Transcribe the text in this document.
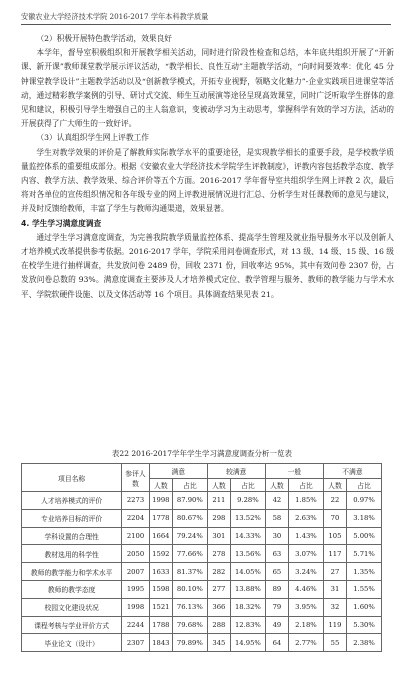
安徽农业大学经济技术学院 2016-2017 学年本科教学质量

（2）积极开展特色教学活动，效果良好

本学年，督导室积极组织和开展教学相关活动，同时进行阶段性检查和总结，本年底共组织开展了“开新课、新开课”教师课堂教学展示评议活动，“教学相长、良性互动”主题教学活动，“向时间要效率：优化 45 分钟课堂教学设计”主题教学活动以及“创新教学模式，开拓专业视野，领略文化魅力”-企业实践项目进课堂等活动，通过精彩教学案例的引导、研讨式交流、师生互动展演等途径呈现高效课堂，同时广泛听取学生群体的意见和建议，积极引导学生增强自己的主人翁意识，变被动学习为主动思考，掌握科学有效的学习方法，活动的开展获得了广大师生的一致好评。

（3）认真组织学生网上评教工作

学生对教学效果的评价是了解教师实际教学水平的重要途径，是实现教学相长的重要手段，是学校教学质量监控体系的重要组成部分。根据《安徽农业大学经济技术学院学生评教制度》，评教内容包括教学态度、教学内容、教学方法、教学效果、综合评价等五个方面。2016-2017 学年督导室共组织学生网上评教 2 次，最后将对各单位的宣传组织情况和各年级专业的网上评教进展情况进行汇总、分析学生对任课教师的意见与建议，并及时反馈给教师，丰富了学生与教师沟通渠道，效果显著。

4. 学生学习满意度调查

通过学生学习满意度调查，为完善我院教学质量监控体系、提高学生管理及就业指导服务水平以及创新人才培养模式改革提供参考依据。2016-2017 学年，学院采用问卷调查形式，对 13 级、14 级、15 级、16 级在校学生进行抽样调查，共发放问卷 2489 份，回收 2371 份，回收率达 95%，其中有效问卷 2307 份，占发放问卷总数的 93%。满意度调查主要涉及人才培养模式定位、教学管理与服务、教师的教学能力与学术水平、学院软硬件设施、以及文体活动等 16 个项目。具体调查结果见表 21。

表22 2016-2017学年学生学习满意度调查分析一览表
项目名称	参评人数	满意		较满意		一般		不满意	
		人数	占比	人数	占比	人数	占比	人数	占比
人才培养模式的评价	2273	1998	87.90%	211	9.28%	42	1.85%	22	0.97%
专业培养目标的评价	2204	1778	80.67%	298	13.52%	58	2.63%	70	3.18%
学科设置的合理性	2100	1664	79.24%	301	14.33%	30	1.43%	105	5.00%
教材选用的科学性	2050	1592	77.66%	278	13.56%	63	3.07%	117	5.71%
教师的教学能力和学术水平	2007	1633	81.37%	282	14.05%	65	3.24%	27	1.35%
教师的教学态度	1995	1598	80.10%	277	13.88%	89	4.46%	31	1.55%
校园文化建设状况	1998	1521	76.13%	366	18.32%	79	3.95%	32	1.60%
课程考核与学业评价方式	2244	1788	79.68%	288	12.83%	49	2.18%	119	5.30%
毕业论文（设计）	2307	1843	79.89%	345	14.95%	64	2.77%	55	2.38%
